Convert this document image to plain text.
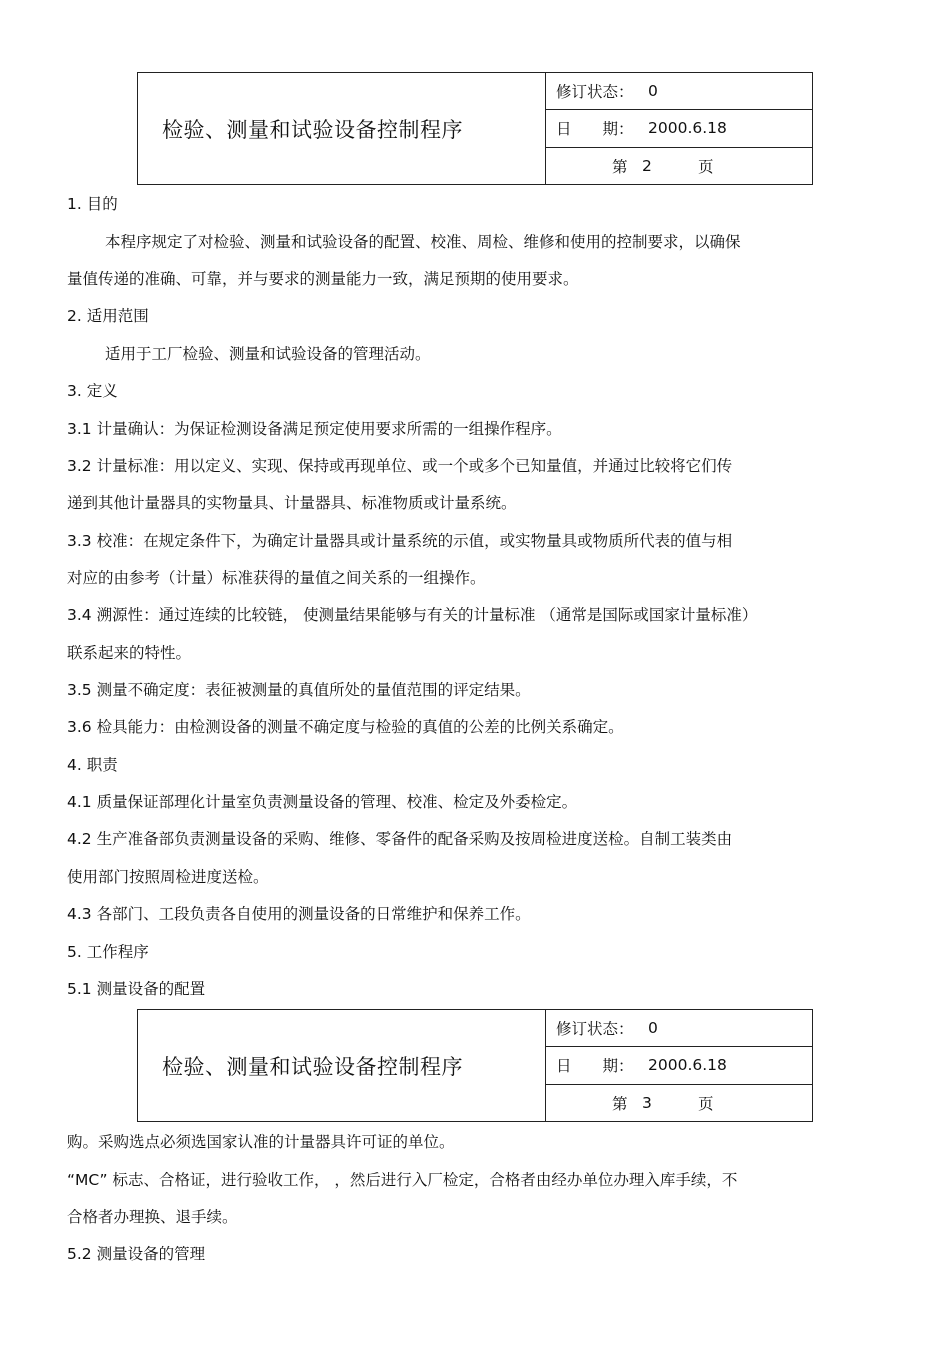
检验、测量和试验设备控制程序
修订状态： 0
日　　期： 2000.6.18
第 2	页
1. 目的
本程序规定了对检验、测量和试验设备的配置、校准、周检、维修和使用的控制要求，以确保
量值传递的准确、可靠，并与要求的测量能力一致，满足预期的使用要求。
2. 适用范围
适用于工厂检验、测量和试验设备的管理活动。
3. 定义
3.1 计量确认：为保证检测设备满足预定使用要求所需的一组操作程序。
3.2 计量标准：用以定义、实现、保持或再现单位、或一个或多个已知量值，并通过比较将它们传
递到其他计量器具的实物量具、计量器具、标准物质或计量系统。
3.3 校准：在规定条件下，为确定计量器具或计量系统的示值，或实物量具或物质所代表的值与相
对应的由参考（计量）标准获得的量值之间关系的一组操作。
3.4 溯源性：通过连续的比较链， 使测量结果能够与有关的计量标准 （通常是国际或国家计量标准）
联系起来的特性。
3.5 测量不确定度：表征被测量的真值所处的量值范围的评定结果。
3.6 检具能力：由检测设备的测量不确定度与检验的真值的公差的比例关系确定。
4. 职责
4.1 质量保证部理化计量室负责测量设备的管理、校准、检定及外委检定。
4.2 生产准备部负责测量设备的采购、维修、零备件的配备采购及按周检进度送检。自制工装类由
使用部门按照周检进度送检。
4.3 各部门、工段负责各自使用的测量设备的日常维护和保养工作。
5. 工作程序
5.1 测量设备的配置
检验、测量和试验设备控制程序
修订状态： 0
日　　期： 2000.6.18
第 3	页
购。采购选点必须选国家认准的计量器具许可证的单位。
“MC” 标志、合格证，进行验收工作， ，然后进行入厂检定，合格者由经办单位办理入库手续，不
合格者办理换、退手续。
5.2 测量设备的管理
